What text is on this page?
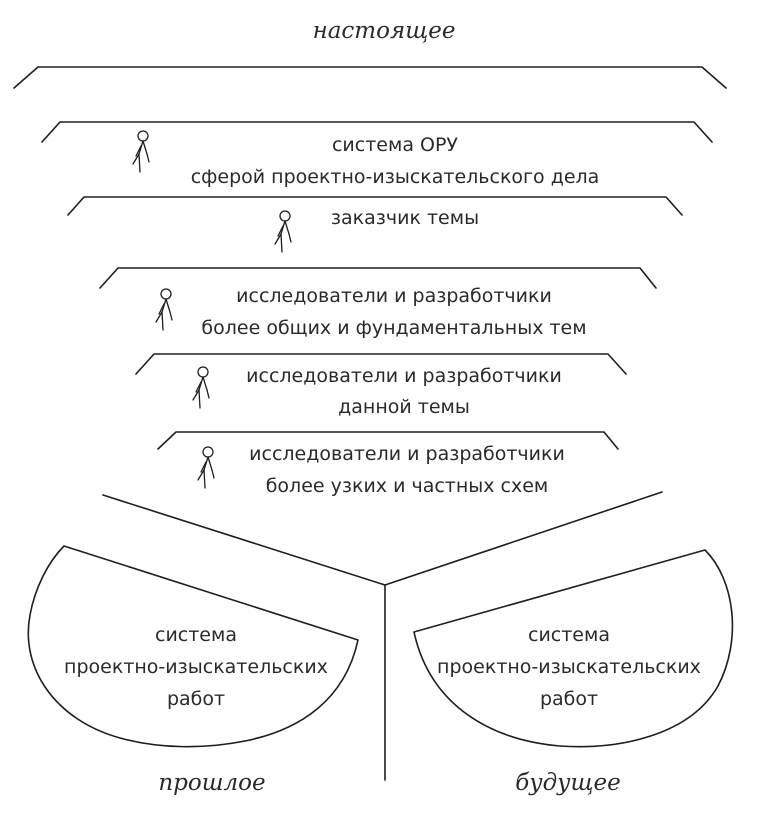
настоящее
система ОРУ
сферой проектно-изыскательского дела
заказчик темы
исследователи и разработчики
более общих и фундаментальных тем
исследователи и разработчики
данной темы
исследователи и разработчики
более узких и частных схем
система
проектно-изыскательских
работ
система
проектно-изыскательских
работ
прошлое	будущее
